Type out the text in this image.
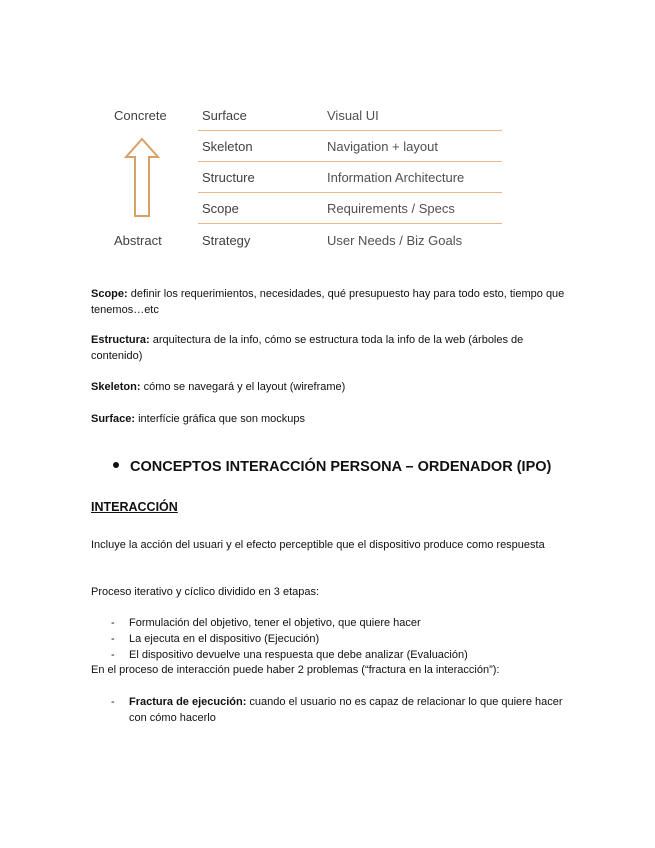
Concrete
Abstract
Surface	Visual UI
Skeleton	Navigation + layout
Structure	Information Architecture
Scope	Requirements / Specs
Strategy	User Needs / Biz Goals
Scope: definir los requerimientos, necesidades, qué presupuesto hay para todo esto, tiempo que tenemos…etc
Estructura: arquitectura de la info, cómo se estructura toda la info de la web (árboles de contenido)
Skeleton: cómo se navegará y el layout (wireframe)
Surface: interfície gráfica que son mockups
CONCEPTOS INTERACCIÓN PERSONA – ORDENADOR (IPO)
INTERACCIÓN
Incluye la acción del usuari y el efecto perceptible que el dispositivo produce como respuesta
Proceso iterativo y cíclico dividido en 3 etapas:
- Formulación del objetivo, tener el objetivo, que quiere hacer
- La ejecuta en el dispositivo (Ejecución)
- El dispositivo devuelve una respuesta que debe analizar (Evaluación)
En el proceso de interacción puede haber 2 problemas (“fractura en la interacción”):
- Fractura de ejecución: cuando el usuario no es capaz de relacionar lo que quiere hacer con cómo hacerlo
